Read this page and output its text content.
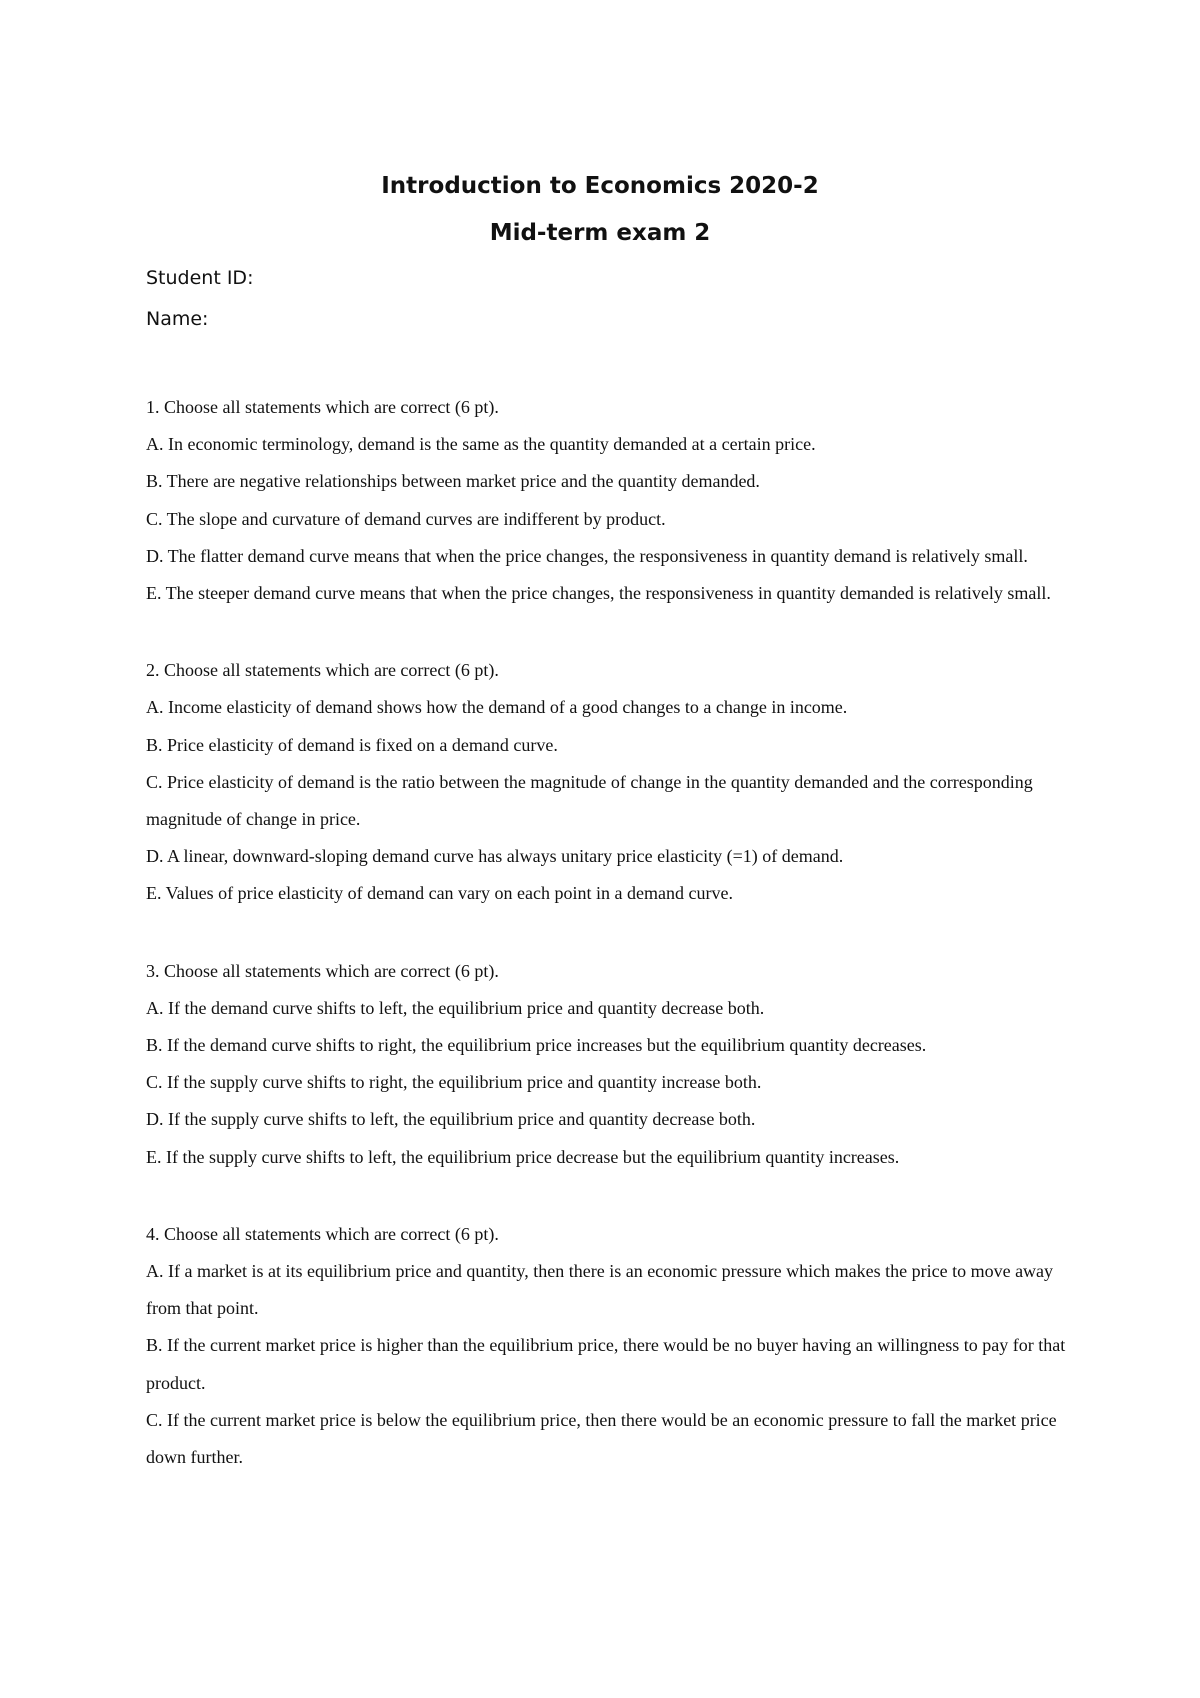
Introduction to Economics 2020-2
Mid-term exam 2

Student ID:

Name:

1. Choose all statements which are correct (6 pt).

A. In economic terminology, demand is the same as the quantity demanded at a certain price.

B. There are negative relationships between market price and the quantity demanded.

C. The slope and curvature of demand curves are indifferent by product.

D. The flatter demand curve means that when the price changes, the responsiveness in quantity demand is relatively small.

E. The steeper demand curve means that when the price changes, the responsiveness in quantity demanded is relatively small.

2. Choose all statements which are correct (6 pt).

A. Income elasticity of demand shows how the demand of a good changes to a change in income.

B. Price elasticity of demand is fixed on a demand curve.

C. Price elasticity of demand is the ratio between the magnitude of change in the quantity demanded and the corresponding magnitude of change in price.

D. A linear, downward-sloping demand curve has always unitary price elasticity (=1) of demand.

E. Values of price elasticity of demand can vary on each point in a demand curve.

3. Choose all statements which are correct (6 pt).

A. If the demand curve shifts to left, the equilibrium price and quantity decrease both.

B. If the demand curve shifts to right, the equilibrium price increases but the equilibrium quantity decreases.

C. If the supply curve shifts to right, the equilibrium price and quantity increase both.

D. If the supply curve shifts to left, the equilibrium price and quantity decrease both.

E. If the supply curve shifts to left, the equilibrium price decrease but the equilibrium quantity increases.

4. Choose all statements which are correct (6 pt).

A. If a market is at its equilibrium price and quantity, then there is an economic pressure which makes the price to move away from that point.

B. If the current market price is higher than the equilibrium price, there would be no buyer having an willingness to pay for that product.

C. If the current market price is below the equilibrium price, then there would be an economic pressure to fall the market price down further.
